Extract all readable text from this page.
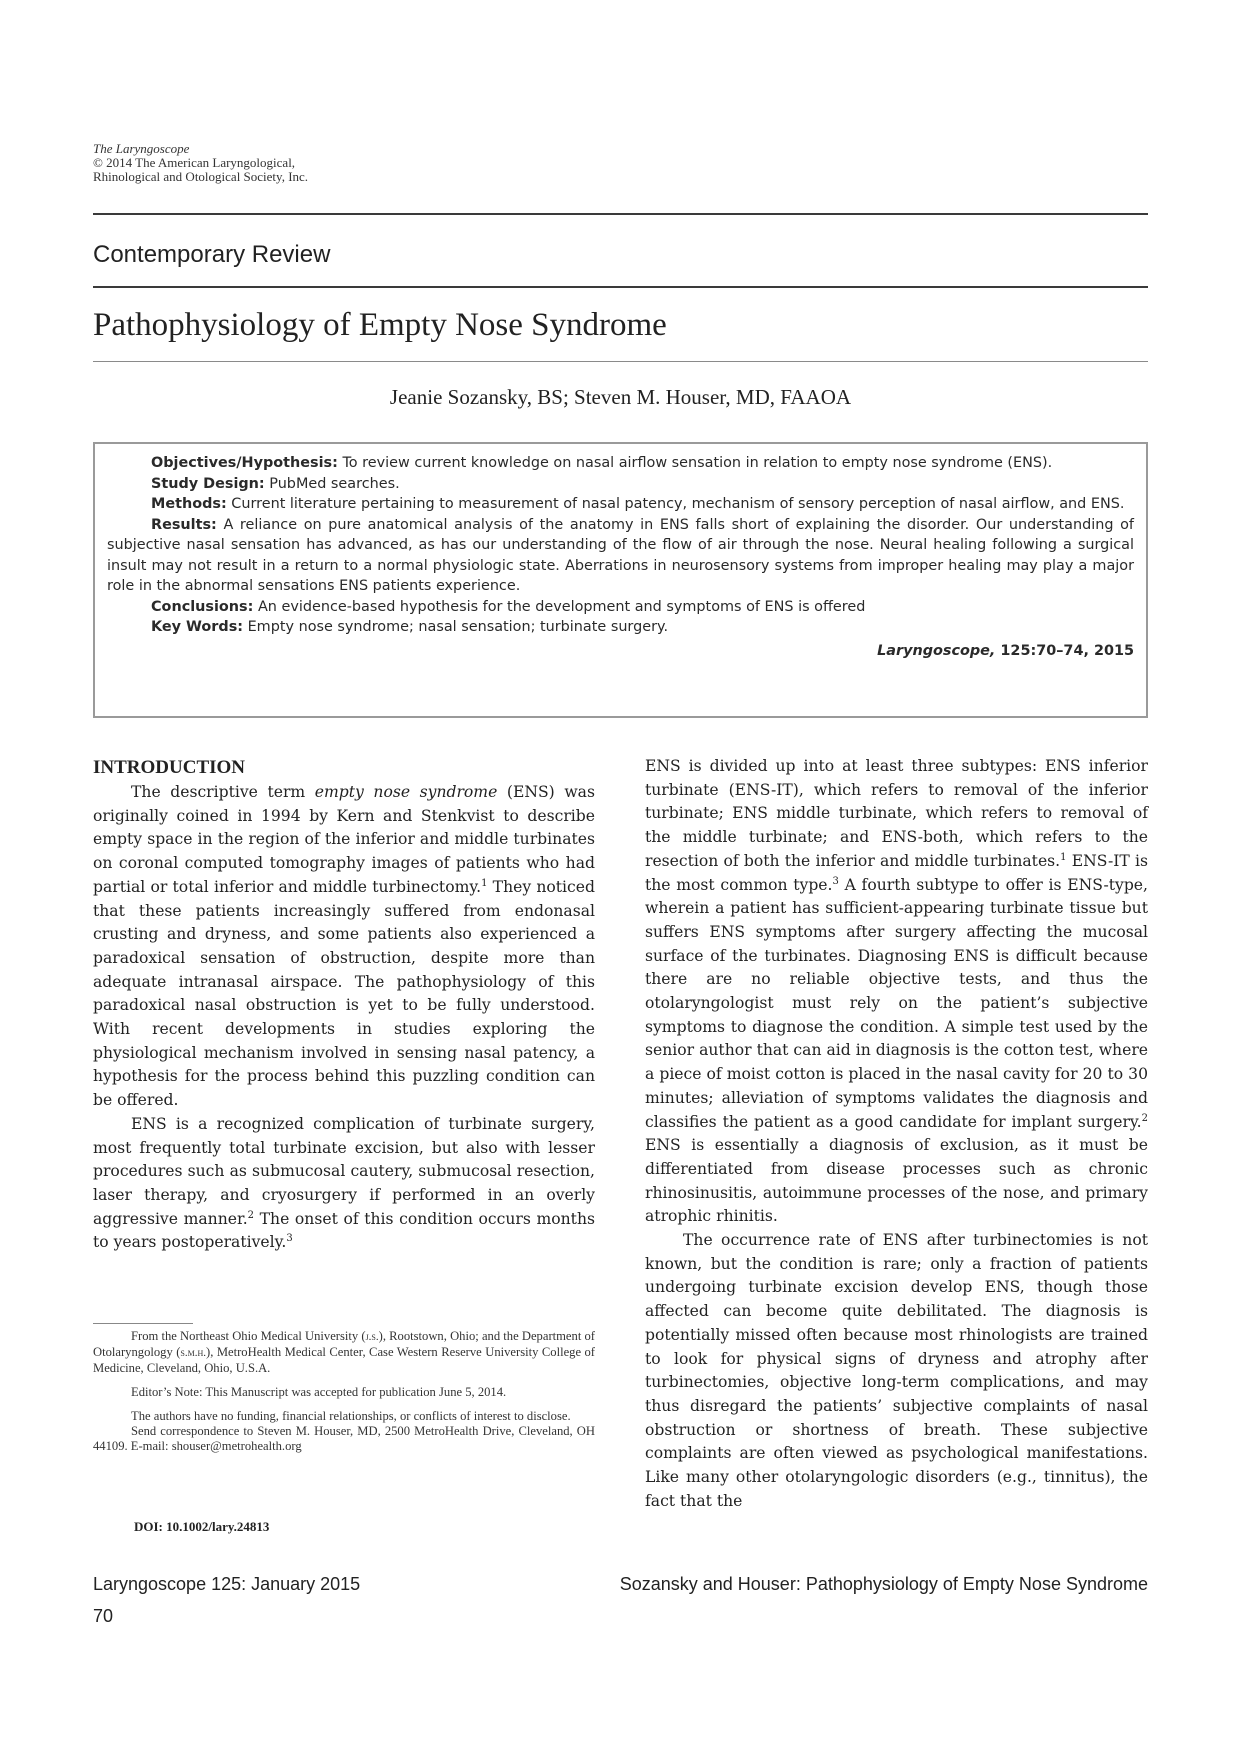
The Laryngoscope
© 2014 The American Laryngological,
Rhinological and Otological Society, Inc.
Contemporary Review
Pathophysiology of Empty Nose Syndrome
Jeanie Sozansky, BS; Steven M. Houser, MD, FAAOA

Objectives/Hypothesis: To review current knowledge on nasal airflow sensation in relation to empty nose syndrome (ENS).

Study Design: PubMed searches.

Methods: Current literature pertaining to measurement of nasal patency, mechanism of sensory perception of nasal airflow, and ENS.

Results: A reliance on pure anatomical analysis of the anatomy in ENS falls short of explaining the disorder. Our understanding of subjective nasal sensation has advanced, as has our understanding of the flow of air through the nose. Neural healing following a surgical insult may not result in a return to a normal physiologic state. Aberrations in neurosensory systems from improper healing may play a major role in the abnormal sensations ENS patients experience.

Conclusions: An evidence-based hypothesis for the development and symptoms of ENS is offered

Key Words: Empty nose syndrome; nasal sensation; turbinate surgery.

Laryngoscope, 125:70–74, 2015
INTRODUCTION

The descriptive term empty nose syndrome (ENS) was originally coined in 1994 by Kern and Stenkvist to describe empty space in the region of the inferior and middle turbinates on coronal computed tomography images of patients who had partial or total inferior and middle turbinectomy.$^1$ They noticed that these patients increasingly suffered from endonasal crusting and dryness, and some patients also experienced a paradoxical sensation of obstruction, despite more than adequate intranasal airspace. The pathophysiology of this paradoxical nasal obstruction is yet to be fully understood. With recent developments in studies exploring the physiological mechanism involved in sensing nasal patency, a hypothesis for the process behind this puzzling condition can be offered.

ENS is a recognized complication of turbinate surgery, most frequently total turbinate excision, but also with lesser procedures such as submucosal cautery, submucosal resection, laser therapy, and cryosurgery if performed in an overly aggressive manner.$^2$ The onset of this condition occurs months to years postoperatively.$^3$

ENS is divided up into at least three subtypes: ENS inferior turbinate (ENS-IT), which refers to removal of the inferior turbinate; ENS middle turbinate, which refers to removal of the middle turbinate; and ENS-both, which refers to the resection of both the inferior and middle turbinates.$^1$ ENS-IT is the most common type.$^3$ A fourth subtype to offer is ENS-type, wherein a patient has sufficient-appearing turbinate tissue but suffers ENS symptoms after surgery affecting the mucosal surface of the turbinates. Diagnosing ENS is difficult because there are no reliable objective tests, and thus the otolaryngologist must rely on the patient’s subjective symptoms to diagnose the condition. A simple test used by the senior author that can aid in diagnosis is the cotton test, where a piece of moist cotton is placed in the nasal cavity for 20 to 30 minutes; alleviation of symptoms validates the diagnosis and classifies the patient as a good candidate for implant surgery.$^2$ ENS is essentially a diagnosis of exclusion, as it must be differentiated from disease processes such as chronic rhinosinusitis, autoimmune processes of the nose, and primary atrophic rhinitis.

The occurrence rate of ENS after turbinectomies is not known, but the condition is rare; only a fraction of patients undergoing turbinate excision develop ENS, though those affected can become quite debilitated. The diagnosis is potentially missed often because most rhinologists are trained to look for physical signs of dryness and atrophy after turbinectomies, objective long-term complications, and may thus disregard the patients’ subjective complaints of nasal obstruction or shortness of breath. These subjective complaints are often viewed as psychological manifestations. Like many other otolaryngologic disorders (e.g., tinnitus), the fact that the

From the Northeast Ohio Medical University (j.s.), Rootstown, Ohio; and the Department of Otolaryngology (s.m.h.), MetroHealth Medical Center, Case Western Reserve University College of Medicine, Cleveland, Ohio, U.S.A.

Editor’s Note: This Manuscript was accepted for publication June 5, 2014.

The authors have no funding, financial relationships, or conflicts of interest to disclose.

Send correspondence to Steven M. Houser, MD, 2500 MetroHealth Drive, Cleveland, OH 44109. E-mail: shouser@metrohealth.org

DOI: 10.1002/lary.24813
Laryngoscope 125: January 2015	Sozansky and Houser: Pathophysiology of Empty Nose Syndrome
70
